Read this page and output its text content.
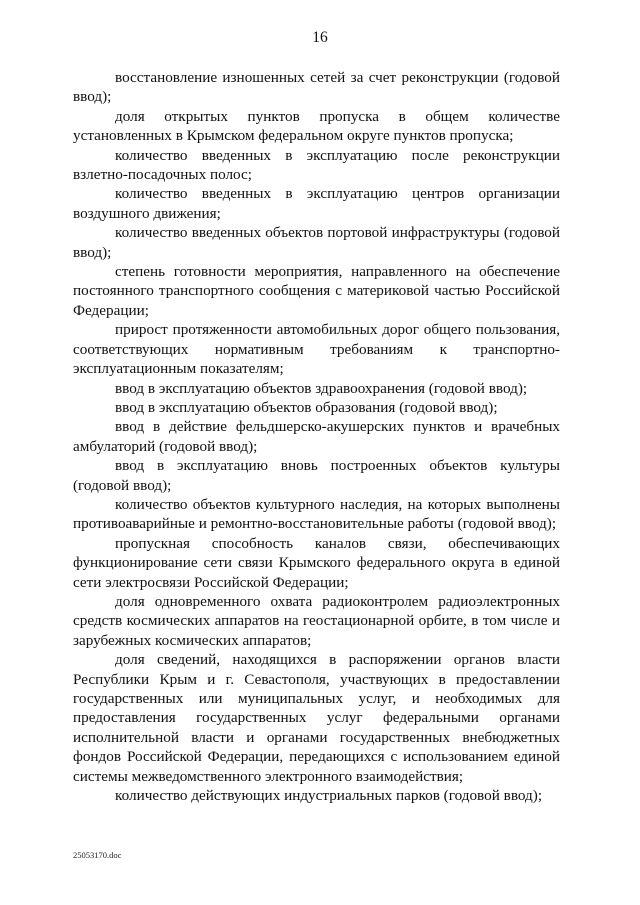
16

восстановление изношенных сетей за счет реконструкции (годовой ввод);

доля открытых пунктов пропуска в общем количестве установленных в Крымском федеральном округе пунктов пропуска;

количество введенных в эксплуатацию после реконструкции взлетно-посадочных полос;

количество введенных в эксплуатацию центров организации воздушного движения;

количество введенных объектов портовой инфраструктуры (годовой ввод);

степень готовности мероприятия, направленного на обеспечение постоянного транспортного сообщения с материковой частью Российской Федерации;

прирост протяженности автомобильных дорог общего пользования, соответствующих нормативным требованиям к транспортно-эксплуатационным показателям;

ввод в эксплуатацию объектов здравоохранения (годовой ввод);

ввод в эксплуатацию объектов образования (годовой ввод);

ввод в действие фельдшерско-акушерских пунктов и врачебных амбулаторий (годовой ввод);

ввод в эксплуатацию вновь построенных объектов культуры (годовой ввод);

количество объектов культурного наследия, на которых выполнены противоаварийные и ремонтно-восстановительные работы (годовой ввод);

пропускная способность каналов связи, обеспечивающих функционирование сети связи Крымского федерального округа в единой сети электросвязи Российской Федерации;

доля одновременного охвата радиоконтролем радиоэлектронных средств космических аппаратов на геостационарной орбите, в том числе и зарубежных космических аппаратов;

доля сведений, находящихся в распоряжении органов власти Республики Крым и г. Севастополя, участвующих в предоставлении государственных или муниципальных услуг, и необходимых для предоставления государственных услуг федеральными органами исполнительной власти и органами государственных внебюджетных фондов Российской Федерации, передающихся с использованием единой системы межведомственного электронного взаимодействия;

количество действующих индустриальных парков (годовой ввод);

25053170.doc
